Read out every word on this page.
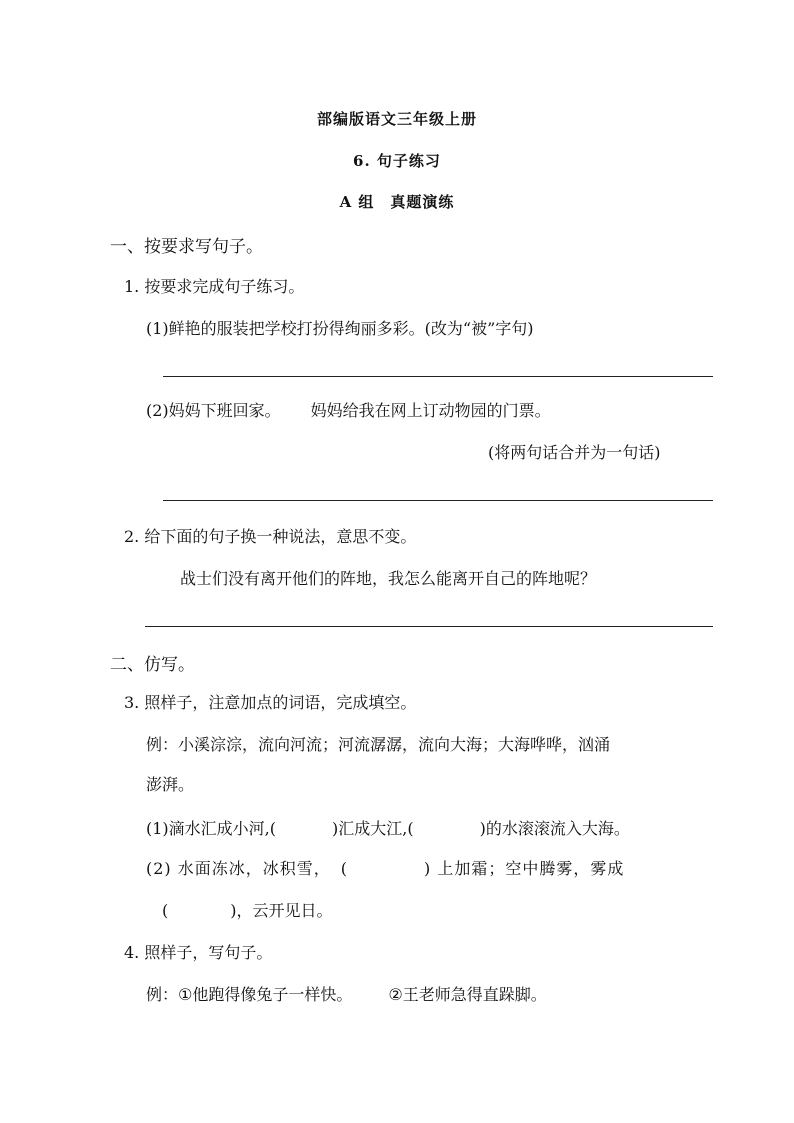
部编版语文三年级上册
6. 句子练习
A 组　真题演练
一、按要求写句子。
1. 按要求完成句子练习。
(1)鲜艳的服装把学校打扮得绚丽多彩。(改为“被”字句)
(2)妈妈下班回家。 妈妈给我在网上订动物园的门票。
(将两句话合并为一句话)
2. 给下面的句子换一种说法，意思不变。
战士们没有离开他们的阵地，我怎么能离开自己的阵地呢？
二、仿写。
3. 照样子，注意加点的词语，完成填空。
例：小溪淙淙，流向河流；河流潺潺，流向大海；大海哗哗，汹涌
澎湃。
(1)滴水汇成小河,(	)汇成大江,(	)的水滚滚流入大海。
(2) 水面冻冰，冰积雪， (	) 上加霜；空中腾雾，雾成
(	)，云开见日。
4. 照样子，写句子。
例：①他跑得像兔子一样快。 ②王老师急得直跺脚。
